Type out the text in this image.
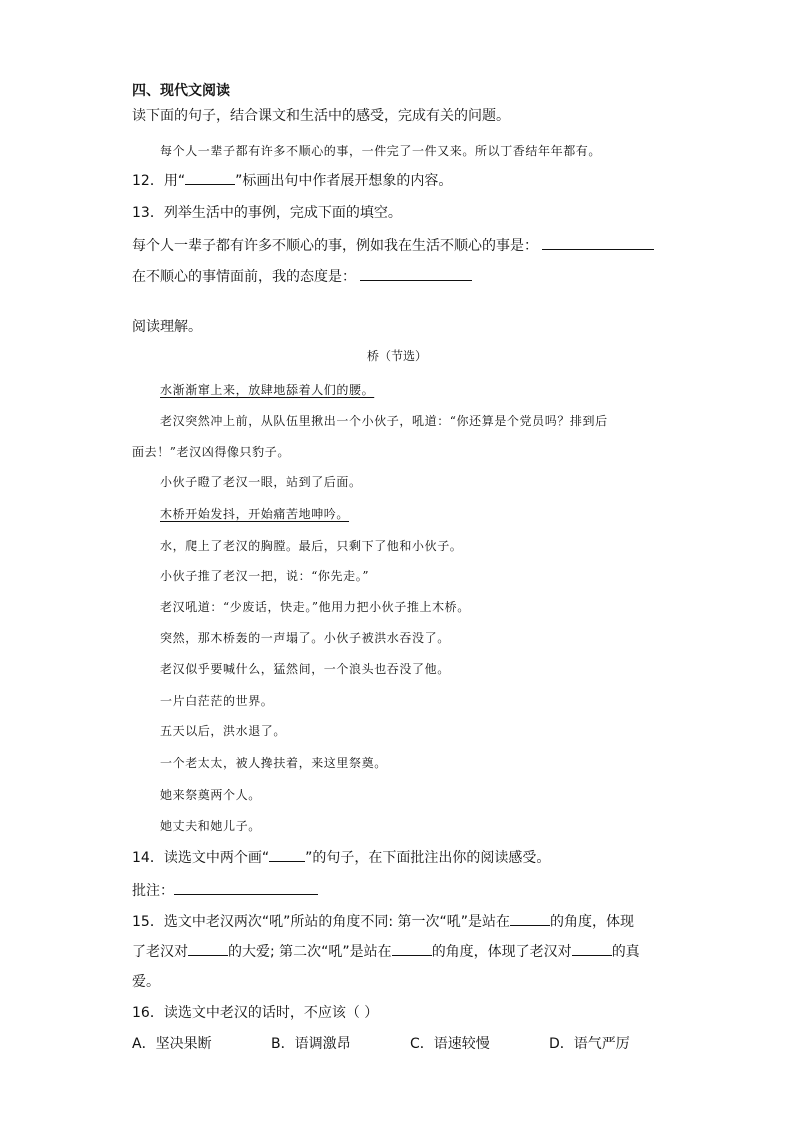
四、现代文阅读
读下面的句子，结合课文和生活中的感受，完成有关的问题。
每个人一辈子都有许多不顺心的事，一件完了一件又来。所以丁香结年年都有。
12．用“	”标画出句中作者展开想象的内容。
13．列举生活中的事例，完成下面的填空。
每个人一辈子都有许多不顺心的事，例如我在生活不顺心的事是：
在不顺心的事情面前，我的态度是：
阅读理解。
桥（节选）
水渐渐窜上来，放肆地舔着人们的腰。
老汉突然冲上前，从队伍里揪出一个小伙子，吼道：“你还算是个党员吗？排到后
面去！”老汉凶得像只豹子。
小伙子瞪了老汉一眼，站到了后面。
木桥开始发抖，开始痛苦地呻吟。
水，爬上了老汉的胸膛。最后，只剩下了他和小伙子。
小伙子推了老汉一把，说：“你先走。”
老汉吼道：“少废话，快走。”他用力把小伙子推上木桥。
突然，那木桥轰的一声塌了。小伙子被洪水吞没了。
老汉似乎要喊什么，猛然间，一个浪头也吞没了他。
一片白茫茫的世界。
五天以后，洪水退了。
一个老太太，被人搀扶着，来这里祭奠。
她来祭奠两个人。
她丈夫和她儿子。
14．读选文中两个画“	”的句子，在下面批注出你的阅读感受。
批注：
15．选文中老汉两次“吼”所站的角度不同: 第一次“吼”是站在	的角度，体现
了老汉对	的大爱; 第二次“吼”是站在	的角度，体现了老汉对	的真
爱。
16．读选文中老汉的话时，不应该（ ）
A．坚决果断	B．语调激昂	C．语速较慢	D．语气严厉
